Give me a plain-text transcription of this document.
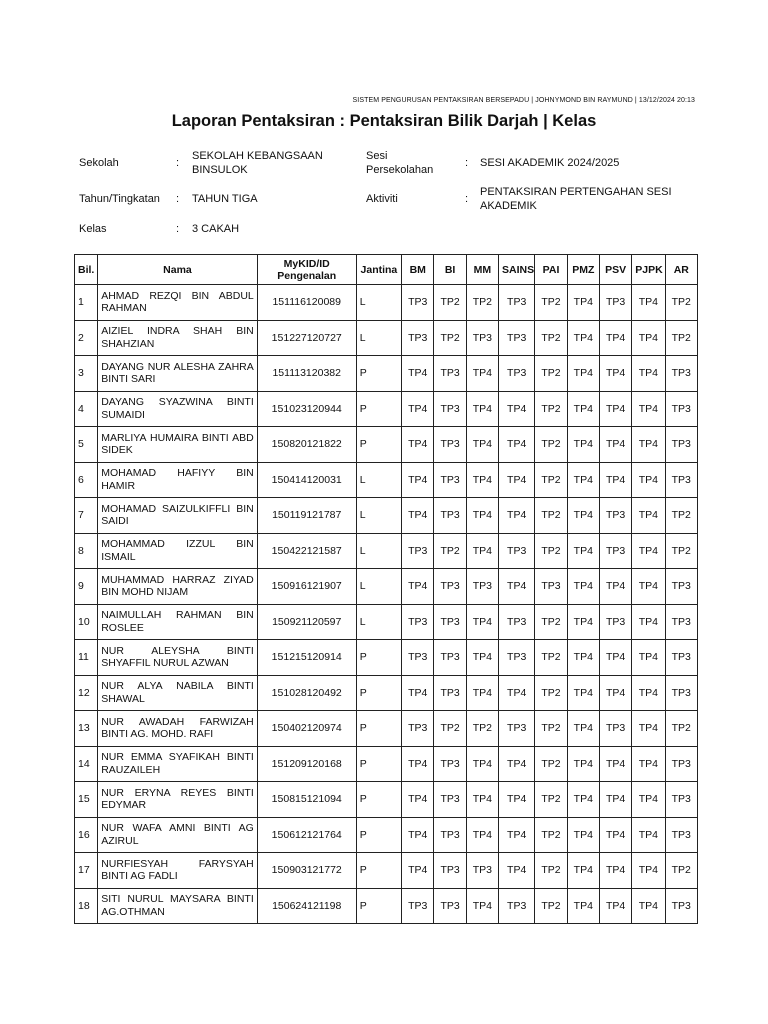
SISTEM PENGURUSAN PENTAKSIRAN BERSEPADU | JOHNYMOND BIN RAYMUND | 13/12/2024 20:13
Laporan Pentaksiran : Pentaksiran Bilik Darjah | Kelas
Sekolah	:
SEKOLAH KEBANGSAAN BINSULOK
Sesi Persekolahan
: SESI AKADEMIK 2024/2025
Tahun/Tingkatan : TAHUN TIGA	Aktiviti	:
PENTAKSIRAN PERTENGAHAN SESI AKADEMIK
Kelas	: 3 CAKAH
Bil.	Nama	MyKID/ID Pengenalan	Jantina	BM	BI	MM	SAINS	PAI	PMZ	PSV	PJPK	AR
1	AHMAD REZQI BIN ABDUL RAHMAN	151116120089	L	TP3	TP2	TP2	TP3	TP2	TP4	TP3	TP4	TP2
2	AIZIEL INDRA SHAH BIN SHAHZIAN	151227120727	L	TP3	TP2	TP3	TP3	TP2	TP4	TP4	TP4	TP2
3	DAYANG NUR ALESHA ZAHRA BINTI SARI	151113120382	P	TP4	TP3	TP4	TP3	TP2	TP4	TP4	TP4	TP3
4	DAYANG SYAZWINA BINTI SUMAIDI	151023120944	P	TP4	TP3	TP4	TP4	TP2	TP4	TP4	TP4	TP3
5	MARLIYA HUMAIRA BINTI ABD SIDEK	150820121822	P	TP4	TP3	TP4	TP4	TP2	TP4	TP4	TP4	TP3
6	MOHAMAD HAFIYY BIN HAMIR	150414120031	L	TP4	TP3	TP4	TP4	TP2	TP4	TP4	TP4	TP3
7	MOHAMAD SAIZULKIFFLI BIN SAIDI	150119121787	L	TP4	TP3	TP4	TP4	TP2	TP4	TP3	TP4	TP2
8	MOHAMMAD IZZUL BIN ISMAIL	150422121587	L	TP3	TP2	TP4	TP3	TP2	TP4	TP3	TP4	TP2
9	MUHAMMAD HARRAZ ZIYAD BIN MOHD NIJAM	150916121907	L	TP4	TP3	TP3	TP4	TP3	TP4	TP4	TP4	TP3
10	NAIMULLAH RAHMAN BIN ROSLEE	150921120597	L	TP3	TP3	TP4	TP3	TP2	TP4	TP3	TP4	TP3
11	NUR ALEYSHA BINTI SHYAFFIL NURUL AZWAN	151215120914	P	TP3	TP3	TP4	TP3	TP2	TP4	TP4	TP4	TP3
12	NUR ALYA NABILA BINTI SHAWAL	151028120492	P	TP4	TP3	TP4	TP4	TP2	TP4	TP4	TP4	TP3
13	NUR AWADAH FARWIZAH BINTI AG. MOHD. RAFI	150402120974	P	TP3	TP2	TP2	TP3	TP2	TP4	TP3	TP4	TP2
14	NUR EMMA SYAFIKAH BINTI RAUZAILEH	151209120168	P	TP4	TP3	TP4	TP4	TP2	TP4	TP4	TP4	TP3
15	NUR ERYNA REYES BINTI EDYMAR	150815121094	P	TP4	TP3	TP4	TP4	TP2	TP4	TP4	TP4	TP3
16	NUR WAFA AMNI BINTI AG AZIRUL	150612121764	P	TP4	TP3	TP4	TP4	TP2	TP4	TP4	TP4	TP3
17	NURFIESYAH FARYSYAH BINTI AG FADLI	150903121772	P	TP4	TP3	TP3	TP4	TP2	TP4	TP4	TP4	TP2
18	SITI NURUL MAYSARA BINTI AG.OTHMAN	150624121198	P	TP3	TP3	TP4	TP3	TP2	TP4	TP4	TP4	TP3
